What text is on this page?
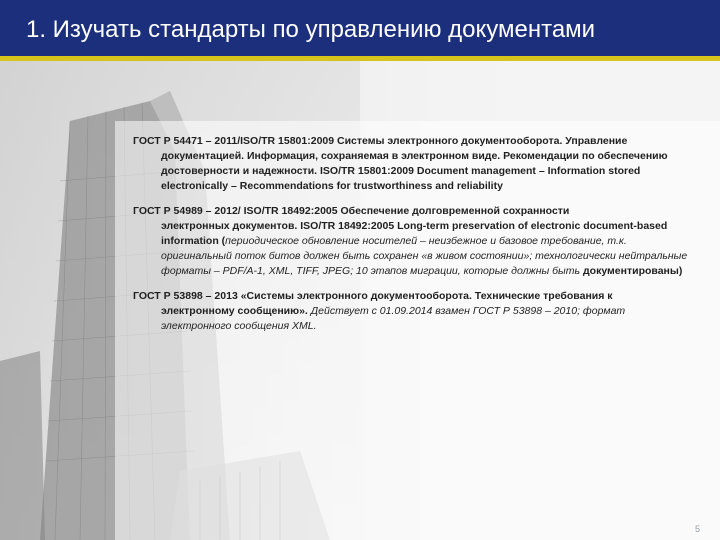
1. Изучать стандарты по управлению документами
ГОСТ Р 54471 – 2011/ISO/TR 15801:2009 Системы электронного документооборота. Управление
документацией. Информация, сохраняемая в электронном виде. Рекомендации по обеспечению достоверности и надежности. ISO/TR 15801:2009 Document management – Information stored electronically – Recommendations for trustworthiness and reliability
ГОСТ Р 54989 – 2012/ ISO/TR 18492:2005 Обеспечение долговременной сохранности
электронных документов. ISO/TR 18492:2005 Long-term preservation of electronic document-based information (периодическое обновление носителей – неизбежное и базовое требование, т.к. оригинальный поток битов должен быть сохранен «в живом состоянии»; технологически нейтральные форматы – PDF/A-1, XML, TIFF, JPEG; 10 этапов миграции, которые должны быть документированы)
ГОСТ Р 53898 – 2013 «Системы электронного документооборота. Технические требования к
электронному сообщению». Действует с 01.09.2014 взамен ГОСТ Р 53898 – 2010; формат электронного сообщения XML.
5
